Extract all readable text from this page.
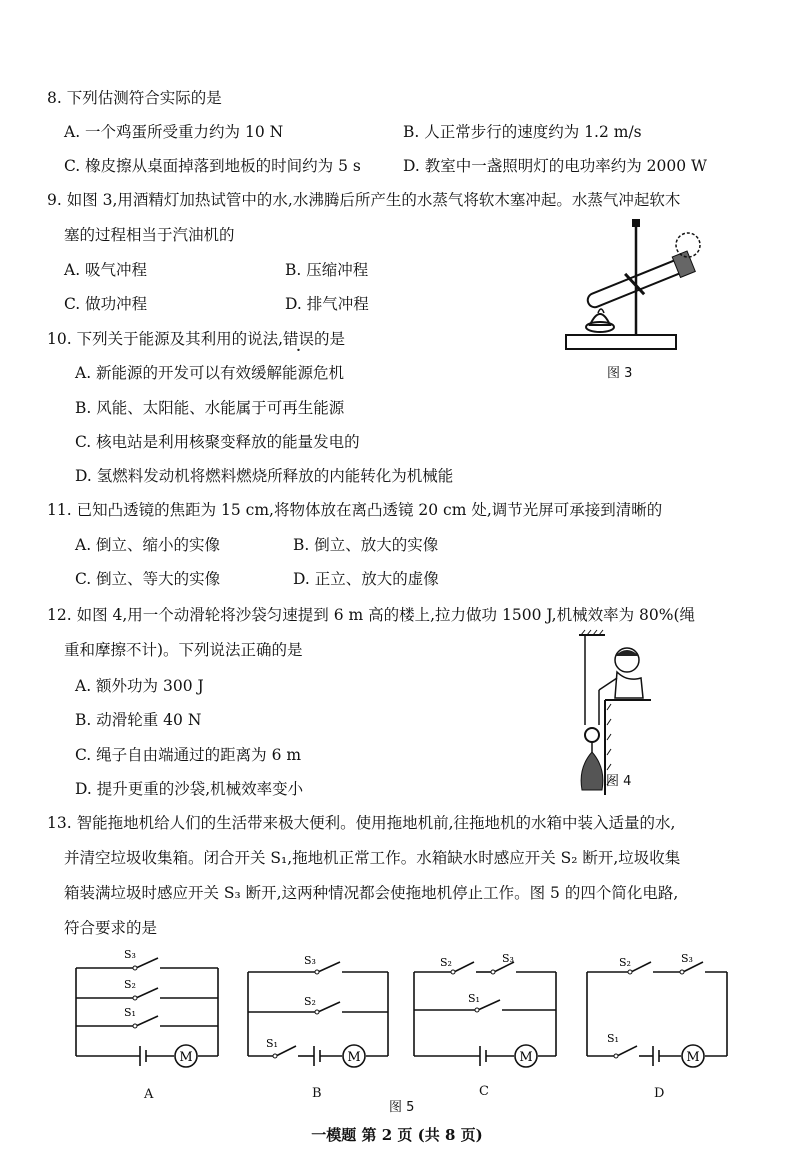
8. 下列估测符合实际的是
A. 一个鸡蛋所受重力约为 10 N	B. 人正常步行的速度约为 1.2 m/s
C. 橡皮擦从桌面掉落到地板的时间约为 5 s	D. 教室中一盏照明灯的电功率约为 2000 W
9. 如图 3,用酒精灯加热试管中的水,水沸腾后所产生的水蒸气将软木塞冲起。水蒸气冲起软木
塞的过程相当于汽油机的
A. 吸气冲程	B. 压缩冲程
C. 做功冲程	D. 排气冲程
图 3
10. 下列关于能源及其利用的说法,错误的是
A. 新能源的开发可以有效缓解能源危机
B. 风能、太阳能、水能属于可再生能源
C. 核电站是利用核聚变释放的能量发电的
D. 氢燃料发动机将燃料燃烧所释放的内能转化为机械能
11. 已知凸透镜的焦距为 15 cm,将物体放在离凸透镜 20 cm 处,调节光屏可承接到清晰的
A. 倒立、缩小的实像	B. 倒立、放大的实像
C. 倒立、等大的实像	D. 正立、放大的虚像
12. 如图 4,用一个动滑轮将沙袋匀速提到 6 m 高的楼上,拉力做功 1500 J,机械效率为 80%(绳
重和摩擦不计)。下列说法正确的是
A. 额外功为 300 J
B. 动滑轮重 40 N
C. 绳子自由端通过的距离为 6 m
D. 提升更重的沙袋,机械效率变小	图 4
13. 智能拖地机给人们的生活带来极大便利。使用拖地机前,往拖地机的水箱中装入适量的水,
并清空垃圾收集箱。闭合开关 S₁,拖地机正常工作。水箱缺水时感应开关 S₂ 断开,垃圾收集
箱装满垃圾时感应开关 S₃ 断开,这两种情况都会使拖地机停止工作。图 5 的四个简化电路,
符合要求的是
M
S₃
S₂
S₁
M
S₃
S₂
S₁
M
S₂	S₃
S₁
M
S₂	S₃
S₁
A	B	C	D
图 5
一模题 第 2 页 (共 8 页)
